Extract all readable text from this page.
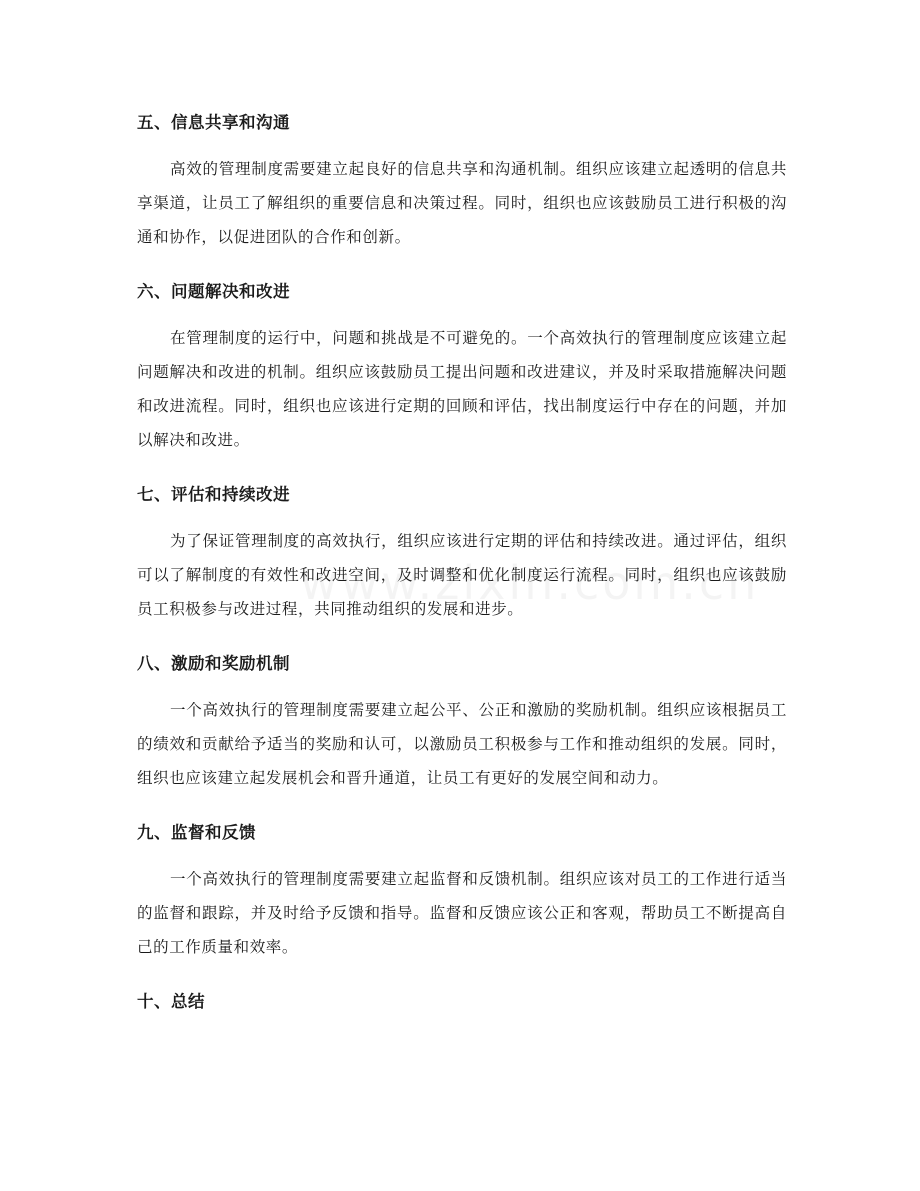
五、信息共享和沟通

高效的管理制度需要建立起良好的信息共享和沟通机制。组织应该建立起透明的信息共享渠道，让员工了解组织的重要信息和决策过程。同时，组织也应该鼓励员工进行积极的沟通和协作，以促进团队的合作和创新。

六、问题解决和改进

在管理制度的运行中，问题和挑战是不可避免的。一个高效执行的管理制度应该建立起问题解决和改进的机制。组织应该鼓励员工提出问题和改进建议，并及时采取措施解决问题和改进流程。同时，组织也应该进行定期的回顾和评估，找出制度运行中存在的问题，并加以解决和改进。

七、评估和持续改进

为了保证管理制度的高效执行，组织应该进行定期的评估和持续改进。通过评估，组织可以了解制度的有效性和改进空间，及时调整和优化制度运行流程。同时，组织也应该鼓励员工积极参与改进过程，共同推动组织的发展和进步。

八、激励和奖励机制

一个高效执行的管理制度需要建立起公平、公正和激励的奖励机制。组织应该根据员工的绩效和贡献给予适当的奖励和认可，以激励员工积极参与工作和推动组织的发展。同时，组织也应该建立起发展机会和晋升通道，让员工有更好的发展空间和动力。

九、监督和反馈

一个高效执行的管理制度需要建立起监督和反馈机制。组织应该对员工的工作进行适当的监督和跟踪，并及时给予反馈和指导。监督和反馈应该公正和客观，帮助员工不断提高自己的工作质量和效率。

十、总结
